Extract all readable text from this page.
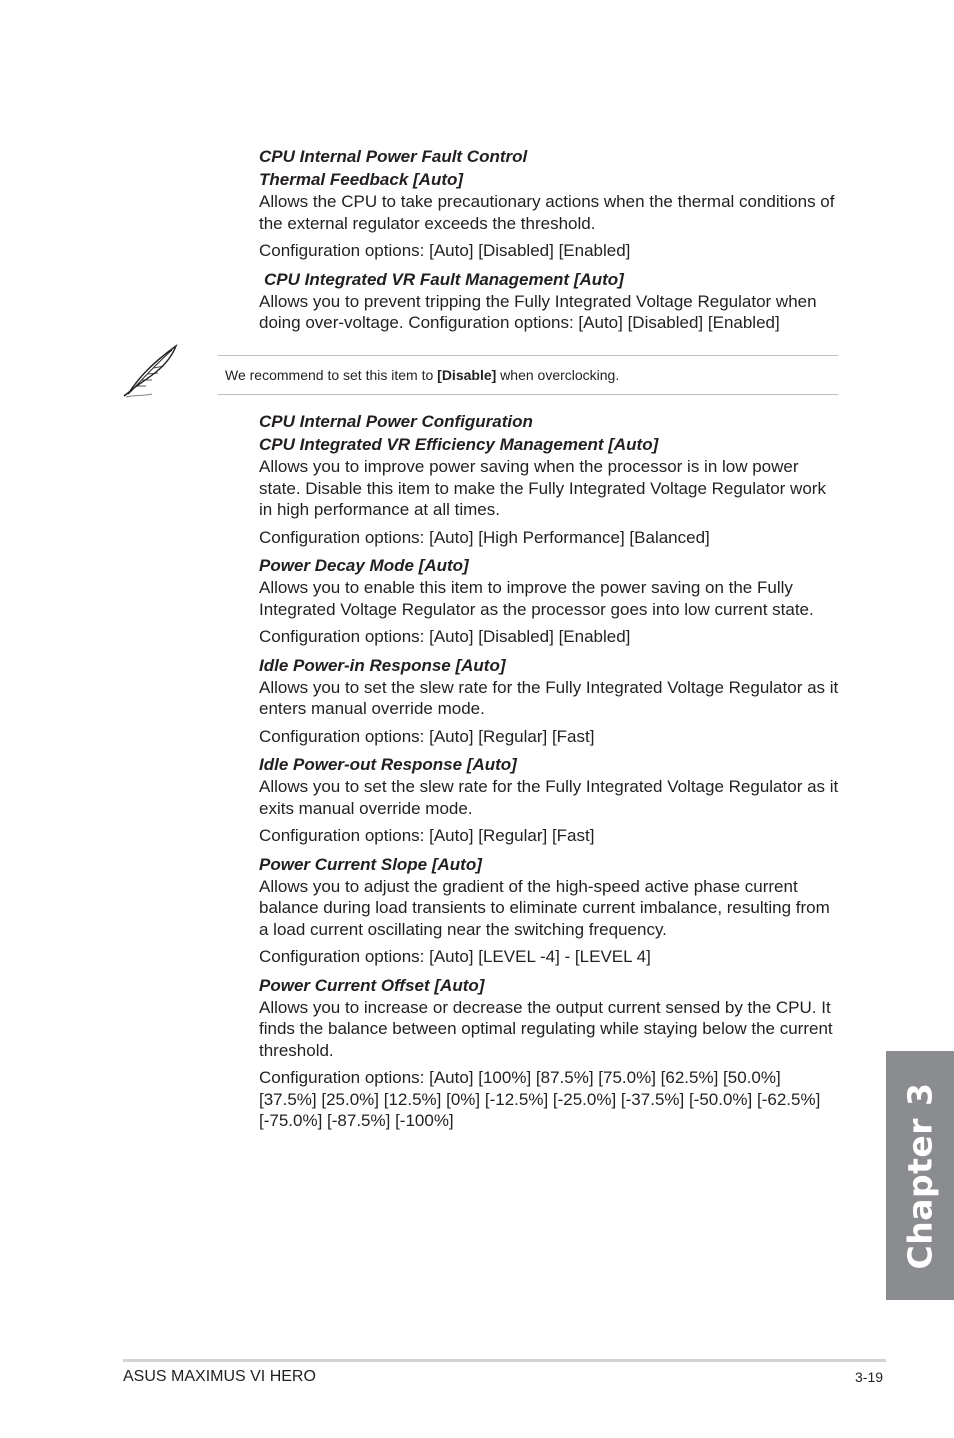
CPU Internal Power Fault Control

Thermal Feedback [Auto]

Allows the CPU to take precautionary actions when the thermal conditions of the external regulator exceeds the threshold.

Configuration options: [Auto] [Disabled] [Enabled]

CPU Integrated VR Fault Management [Auto]

Allows you to prevent tripping the Fully Integrated Voltage Regulator when doing over-voltage. Configuration options: [Auto] [Disabled] [Enabled]

We recommend to set this item to [Disable] when overclocking.

CPU Internal Power Configuration

CPU Integrated VR Efficiency Management [Auto]

Allows you to improve power saving when the processor is in low power state. Disable this item to make the Fully Integrated Voltage Regulator work in high performance at all times.

Configuration options: [Auto] [High Performance] [Balanced]

Power Decay Mode [Auto]

Allows you to enable this item to improve the power saving on the Fully Integrated Voltage Regulator as the processor goes into low current state.

Configuration options: [Auto] [Disabled] [Enabled]

Idle Power-in Response [Auto]

Allows you to set the slew rate for the Fully Integrated Voltage Regulator as it enters manual override mode.

Configuration options: [Auto] [Regular] [Fast]

Idle Power-out Response [Auto]

Allows you to set the slew rate for the Fully Integrated Voltage Regulator as it exits manual override mode.

Configuration options: [Auto] [Regular] [Fast]

Power Current Slope [Auto]

Allows you to adjust the gradient of the high-speed active phase current balance during load transients to eliminate current imbalance, resulting from a load current oscillating near the switching frequency.

Configuration options: [Auto] [LEVEL -4] - [LEVEL 4]

Power Current Offset [Auto]

Allows you to increase or decrease the output current sensed by the CPU. It finds the balance between optimal regulating while staying below the current threshold.

Configuration options: [Auto] [100%] [87.5%] [75.0%] [62.5%] [50.0%] [37.5%] [25.0%] [12.5%] [0%] [-12.5%] [-25.0%] [-37.5%] [-50.0%] [-62.5%] [-75.0%] [-87.5%] [-100%]	Chapter 3
ASUS MAXIMUS VI HERO	3-19
